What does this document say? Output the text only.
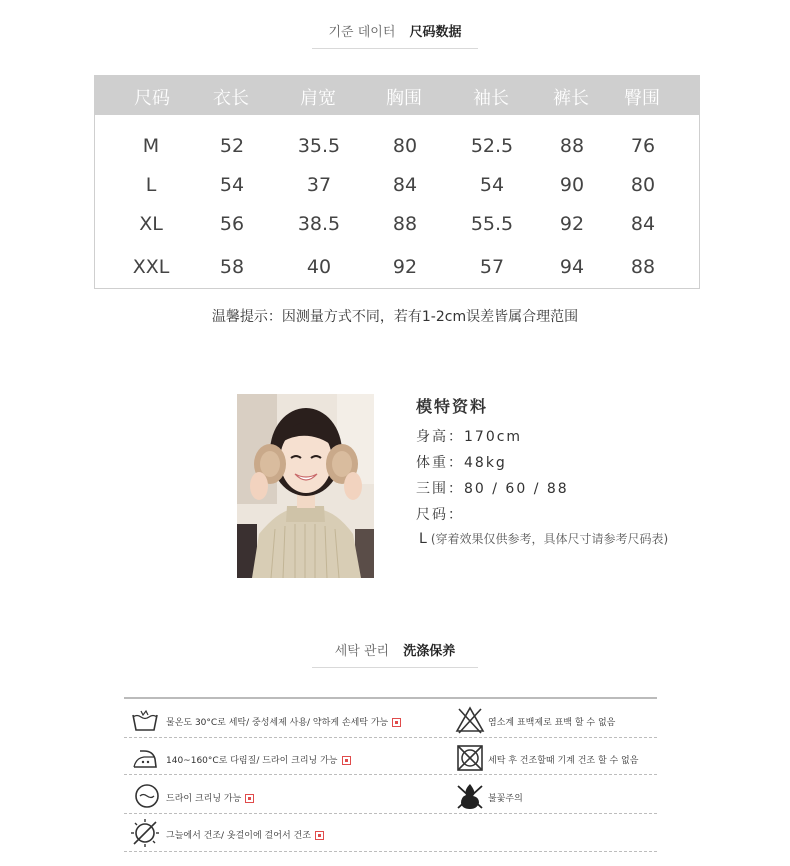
기준 데이터 尺码数据
尺码 衣长	肩宽	胸围	袖长 裤长 臀围
M	52	35.5	80	52.5 88 76
L	54	37	84	54	90 80
XL	56	38.5	88	55.5 92 84
XXL	58	40	92	57	94 88
温馨提示：因测量方式不同，若有1-2cm误差皆属合理范围
模特资料
身高：170cm
体重：48kg
三围：80 / 60 / 88
尺码：
L (穿着效果仅供参考，具体尺寸请参考尺码表)
세탁 관리 洗涤保养
물온도 30°C로 세탁/ 중성세제 사용/ 약하게 손세탁 가능	염소계 표백제로 표백 할 수 없음
140~160°C로 다림질/ 드라이 크리닝 가능	세탁 후 건조할때 기계 건조 할 수 없음
드라이 크리닝 가능	불꽃주의
그늘에서 건조/ 옷걸이에 걸어서 건조
